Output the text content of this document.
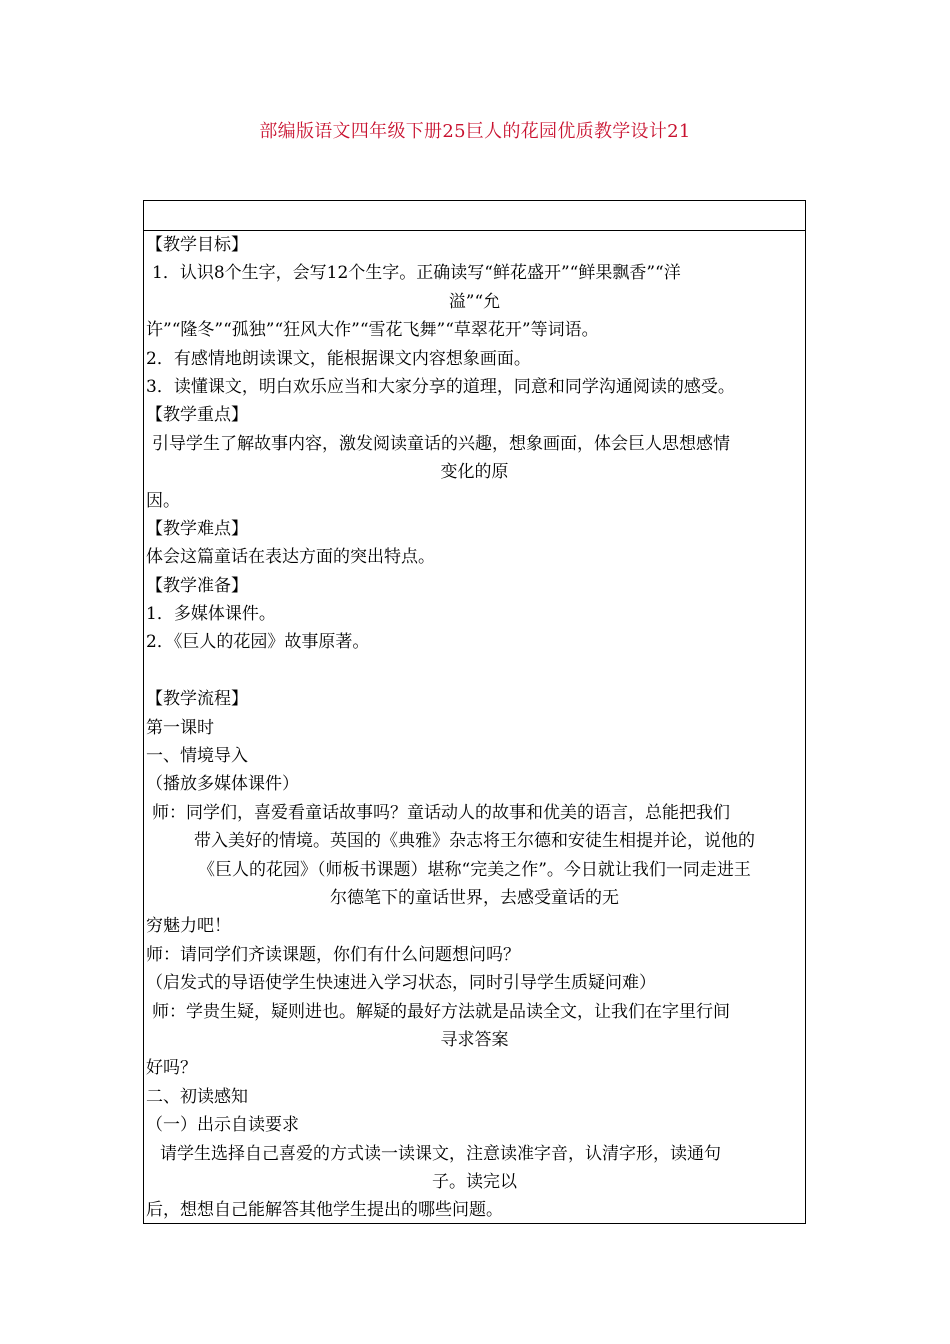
部编版语文四年级下册25巨人的花园优质教学设计21
【教学目标】
1．认识8个生字，会写12个生字。正确读写“鲜花盛开”“鲜果飘香”“洋
溢”“允
许”“隆冬”“孤独”“狂风大作”“雪花飞舞”“草翠花开”等词语。
2．有感情地朗读课文，能根据课文内容想象画面。
3．读懂课文，明白欢乐应当和大家分享的道理，同意和同学沟通阅读的感受。
【教学重点】
引导学生了解故事内容，激发阅读童话的兴趣，想象画面，体会巨人思想感情
变化的原
因。
【教学难点】
体会这篇童话在表达方面的突出特点。
【教学准备】
1．多媒体课件。
2．《巨人的花园》故事原著。
【教学流程】
第一课时
一、情境导入
（播放多媒体课件）
师：同学们，喜爱看童话故事吗？童话动人的故事和优美的语言，总能把我们
带入美好的情境。英国的《典雅》杂志将王尔德和安徒生相提并论，说他的
《巨人的花园》（师板书课题）堪称“完美之作”。今日就让我们一同走进王
尔德笔下的童话世界，去感受童话的无
穷魅力吧！
师：请同学们齐读课题，你们有什么问题想问吗？
（启发式的导语使学生快速进入学习状态，同时引导学生质疑问难）
师：学贵生疑，疑则进也。解疑的最好方法就是品读全文，让我们在字里行间
寻求答案
好吗？
二、初读感知
（一）出示自读要求
请学生选择自己喜爱的方式读一读课文，注意读准字音，认清字形，读通句
子。读完以
后，想想自己能解答其他学生提出的哪些问题。
